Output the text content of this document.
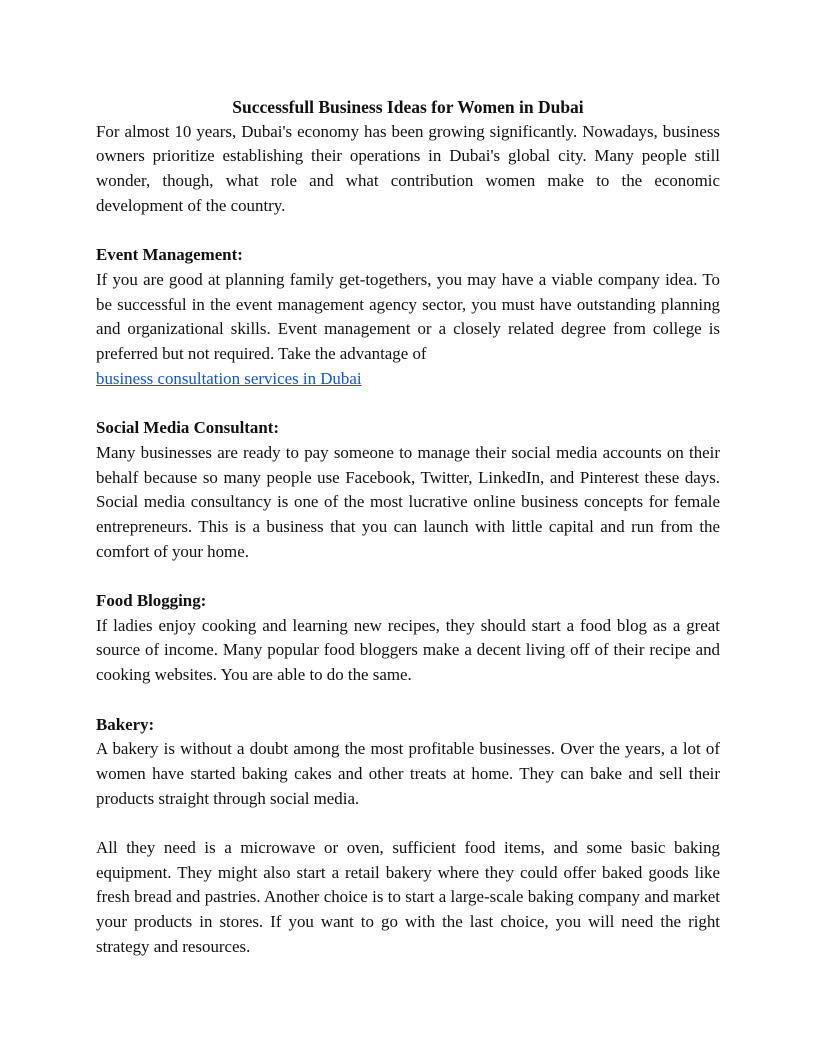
Successfull Business Ideas for Women in Dubai

For almost 10 years, Dubai's economy has been growing significantly. Nowadays, business owners prioritize establishing their operations in Dubai's global city. Many people still wonder, though, what role and what contribution women make to the economic development of the country.

Event Management:

If you are good at planning family get-togethers, you may have a viable company idea. To be successful in the event management agency sector, you must have outstanding planning and organizational skills. Event management or a closely related degree from college is preferred but not required. Take the advantage of
business consultation services in Dubai

Social Media Consultant:

Many businesses are ready to pay someone to manage their social media accounts on their behalf because so many people use Facebook, Twitter, LinkedIn, and Pinterest these days. Social media consultancy is one of the most lucrative online business concepts for female entrepreneurs. This is a business that you can launch with little capital and run from the comfort of your home.

Food Blogging:

If ladies enjoy cooking and learning new recipes, they should start a food blog as a great source of income. Many popular food bloggers make a decent living off of their recipe and cooking websites. You are able to do the same.

Bakery:

A bakery is without a doubt among the most profitable businesses. Over the years, a lot of women have started baking cakes and other treats at home. They can bake and sell their products straight through social media.

All they need is a microwave or oven, sufficient food items, and some basic baking equipment. They might also start a retail bakery where they could offer baked goods like fresh bread and pastries. Another choice is to start a large-scale baking company and market your products in stores. If you want to go with the last choice, you will need the right strategy and resources.
